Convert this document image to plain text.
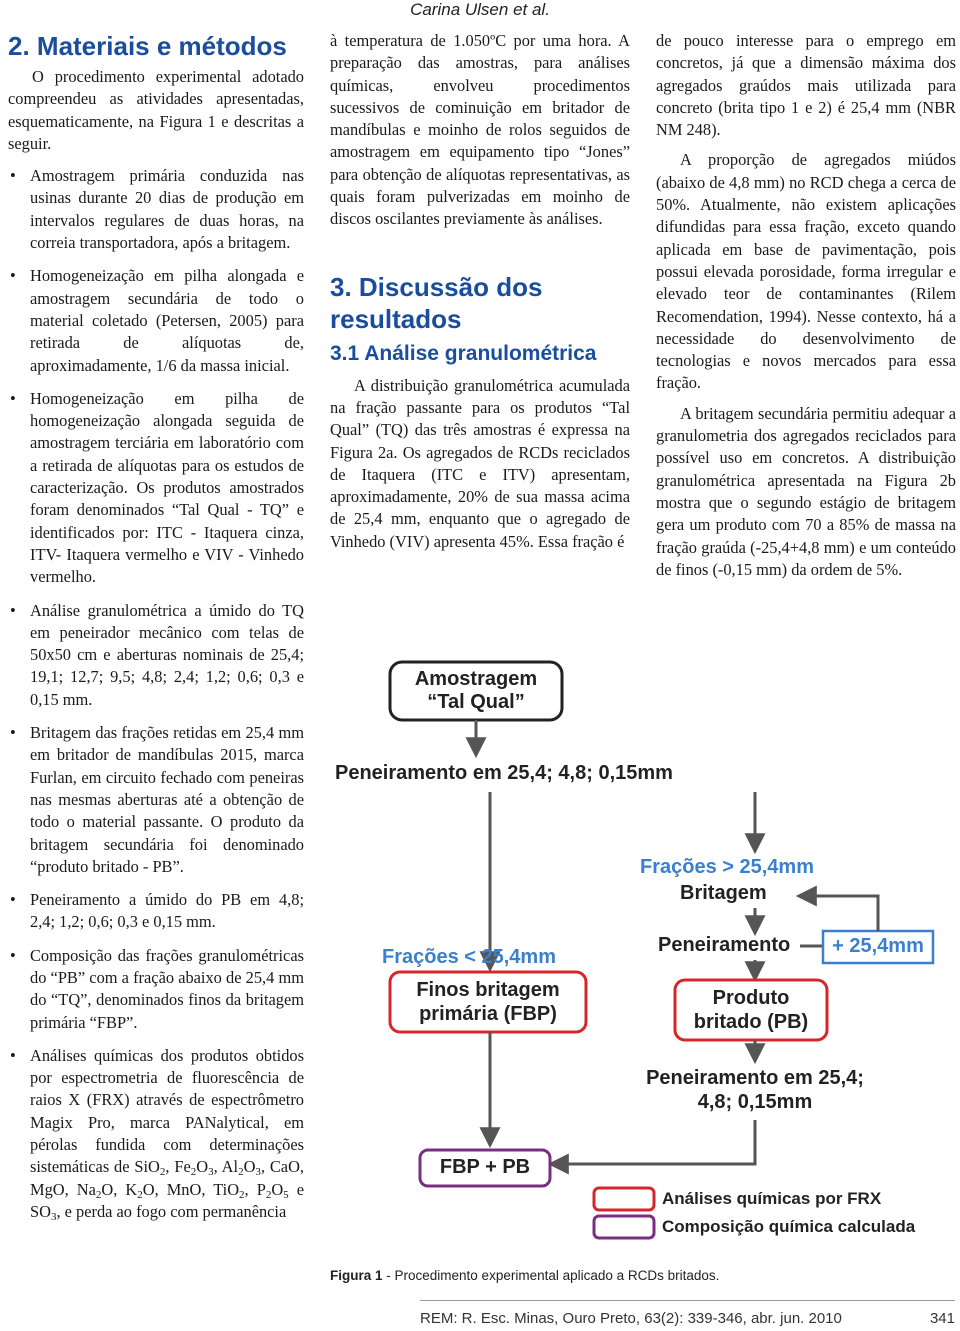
Carina Ulsen et al.
2. Materiais e métodos

O procedimento experimental adotado compreendeu as atividades apresentadas, esquematicamente, na Figura 1 e descritas a seguir.

• Amostragem primária conduzida nas usinas durante 20 dias de produção em intervalos regulares de duas horas, na correia transportadora, após a britagem.
• Homogeneização em pilha alongada e amostragem secundária de todo o material coletado (Petersen, 2005) para retirada de alíquotas de, aproximadamente, 1/6 da massa inicial.
• Homogeneização em pilha de homogeneização alongada seguida de amostragem terciária em laboratório com a retirada de alíquotas para os estudos de caracterização. Os produtos amostrados foram denominados “Tal Qual - TQ” e identificados por: ITC - Itaquera cinza, ITV- Itaquera vermelho e VIV - Vinhedo vermelho.
• Análise granulométrica a úmido do TQ em peneirador mecânico com telas de 50x50 cm e aberturas nominais de 25,4; 19,1; 12,7; 9,5; 4,8; 2,4; 1,2; 0,6; 0,3 e 0,15 mm.
• Britagem das frações retidas em 25,4 mm em britador de mandíbulas 2015, marca Furlan, em circuito fechado com peneiras nas mesmas aberturas até a obtenção de todo o material passante. O produto da britagem secundária foi denominado “produto britado - PB”.
• Peneiramento a úmido do PB em 4,8; 2,4; 1,2; 0,6; 0,3 e 0,15 mm.
• Composição das frações granulométricas do “PB” com a fração abaixo de 25,4 mm do “TQ”, denominados finos da britagem primária “FBP”.
• Análises químicas dos produtos obtidos por espectrometria de fluorescência de raios X (FRX) através de espectrômetro Magix Pro, marca PANalytical, em pérolas fundida com determinações sistemáticas de SiO$_2$, $Fe_2O_3$, $Al_2O_3$, CaO, MgO, $Na_2O$, $K_2O$, MnO, TiO$_2$, $P_2O_5$ e $SO_3$, e perda ao fogo com permanência

à temperatura de 1.050ºC por uma hora. A preparação das amostras, para análises químicas, envolveu procedimentos sucessivos de cominuição em britador de mandíbulas e moinho de rolos seguidos de amostragem em equipamento tipo “Jones” para obtenção de alíquotas representativas, as quais foram pulverizadas em moinho de discos oscilantes previamente às análises.

3. Discussão dos resultados
3.1 Análise granulométrica

A distribuição granulométrica acumulada na fração passante para os produtos “Tal Qual” (TQ) das três amostras é expressa na Figura 2a. Os agregados de RCDs reciclados de Itaquera (ITC e ITV) apresentam, aproximadamente, 20% de sua massa acima de 25,4 mm, enquanto que o agregado de Vinhedo (VIV) apresenta 45%. Essa fração é

de pouco interesse para o emprego em concretos, já que a dimensão máxima dos agregados graúdos mais utilizada para concreto (brita tipo 1 e 2) é 25,4 mm (NBR NM 248).

A proporção de agregados miúdos (abaixo de 4,8 mm) no RCD chega a cerca de 50%. Atualmente, não existem aplicações difundidas para essa fração, exceto quando aplicada em base de pavimentação, pois possui elevada porosidade, forma irregular e elevado teor de contaminantes (Rilem Recomendation, 1994). Nesse contexto, há a necessidade do desenvolvimento de tecnologias e novos mercados para essa fração.

A britagem secundária permitiu adequar a granulometria dos agregados reciclados para possível uso em concretos. A distribuição granulométrica apresentada na Figura 2b mostra que o segundo estágio de britagem gera um produto com 70 a 85% de massa na fração graúda (-25,4+4,8 mm) e um conteúdo de finos (-0,15 mm) da ordem de 5%.

Amostragem
“Tal Qual”
Peneiramento em 25,4; 4,8; 0,15mm
Frações > 25,4mm
Britagem
Peneiramento	+ 25,4mm
Frações < 25,4mm
Finos britagem
primária (FBP)
Produto
britado (PB)
Peneiramento em 25,4;
4,8; 0,15mm
FBP + PB
Análises químicas por FRX
Composição química calculada
Figura 1 - Procedimento experimental aplicado a RCDs britados.
REM: R. Esc. Minas, Ouro Preto, 63(2): 339-346, abr. jun. 2010	341
